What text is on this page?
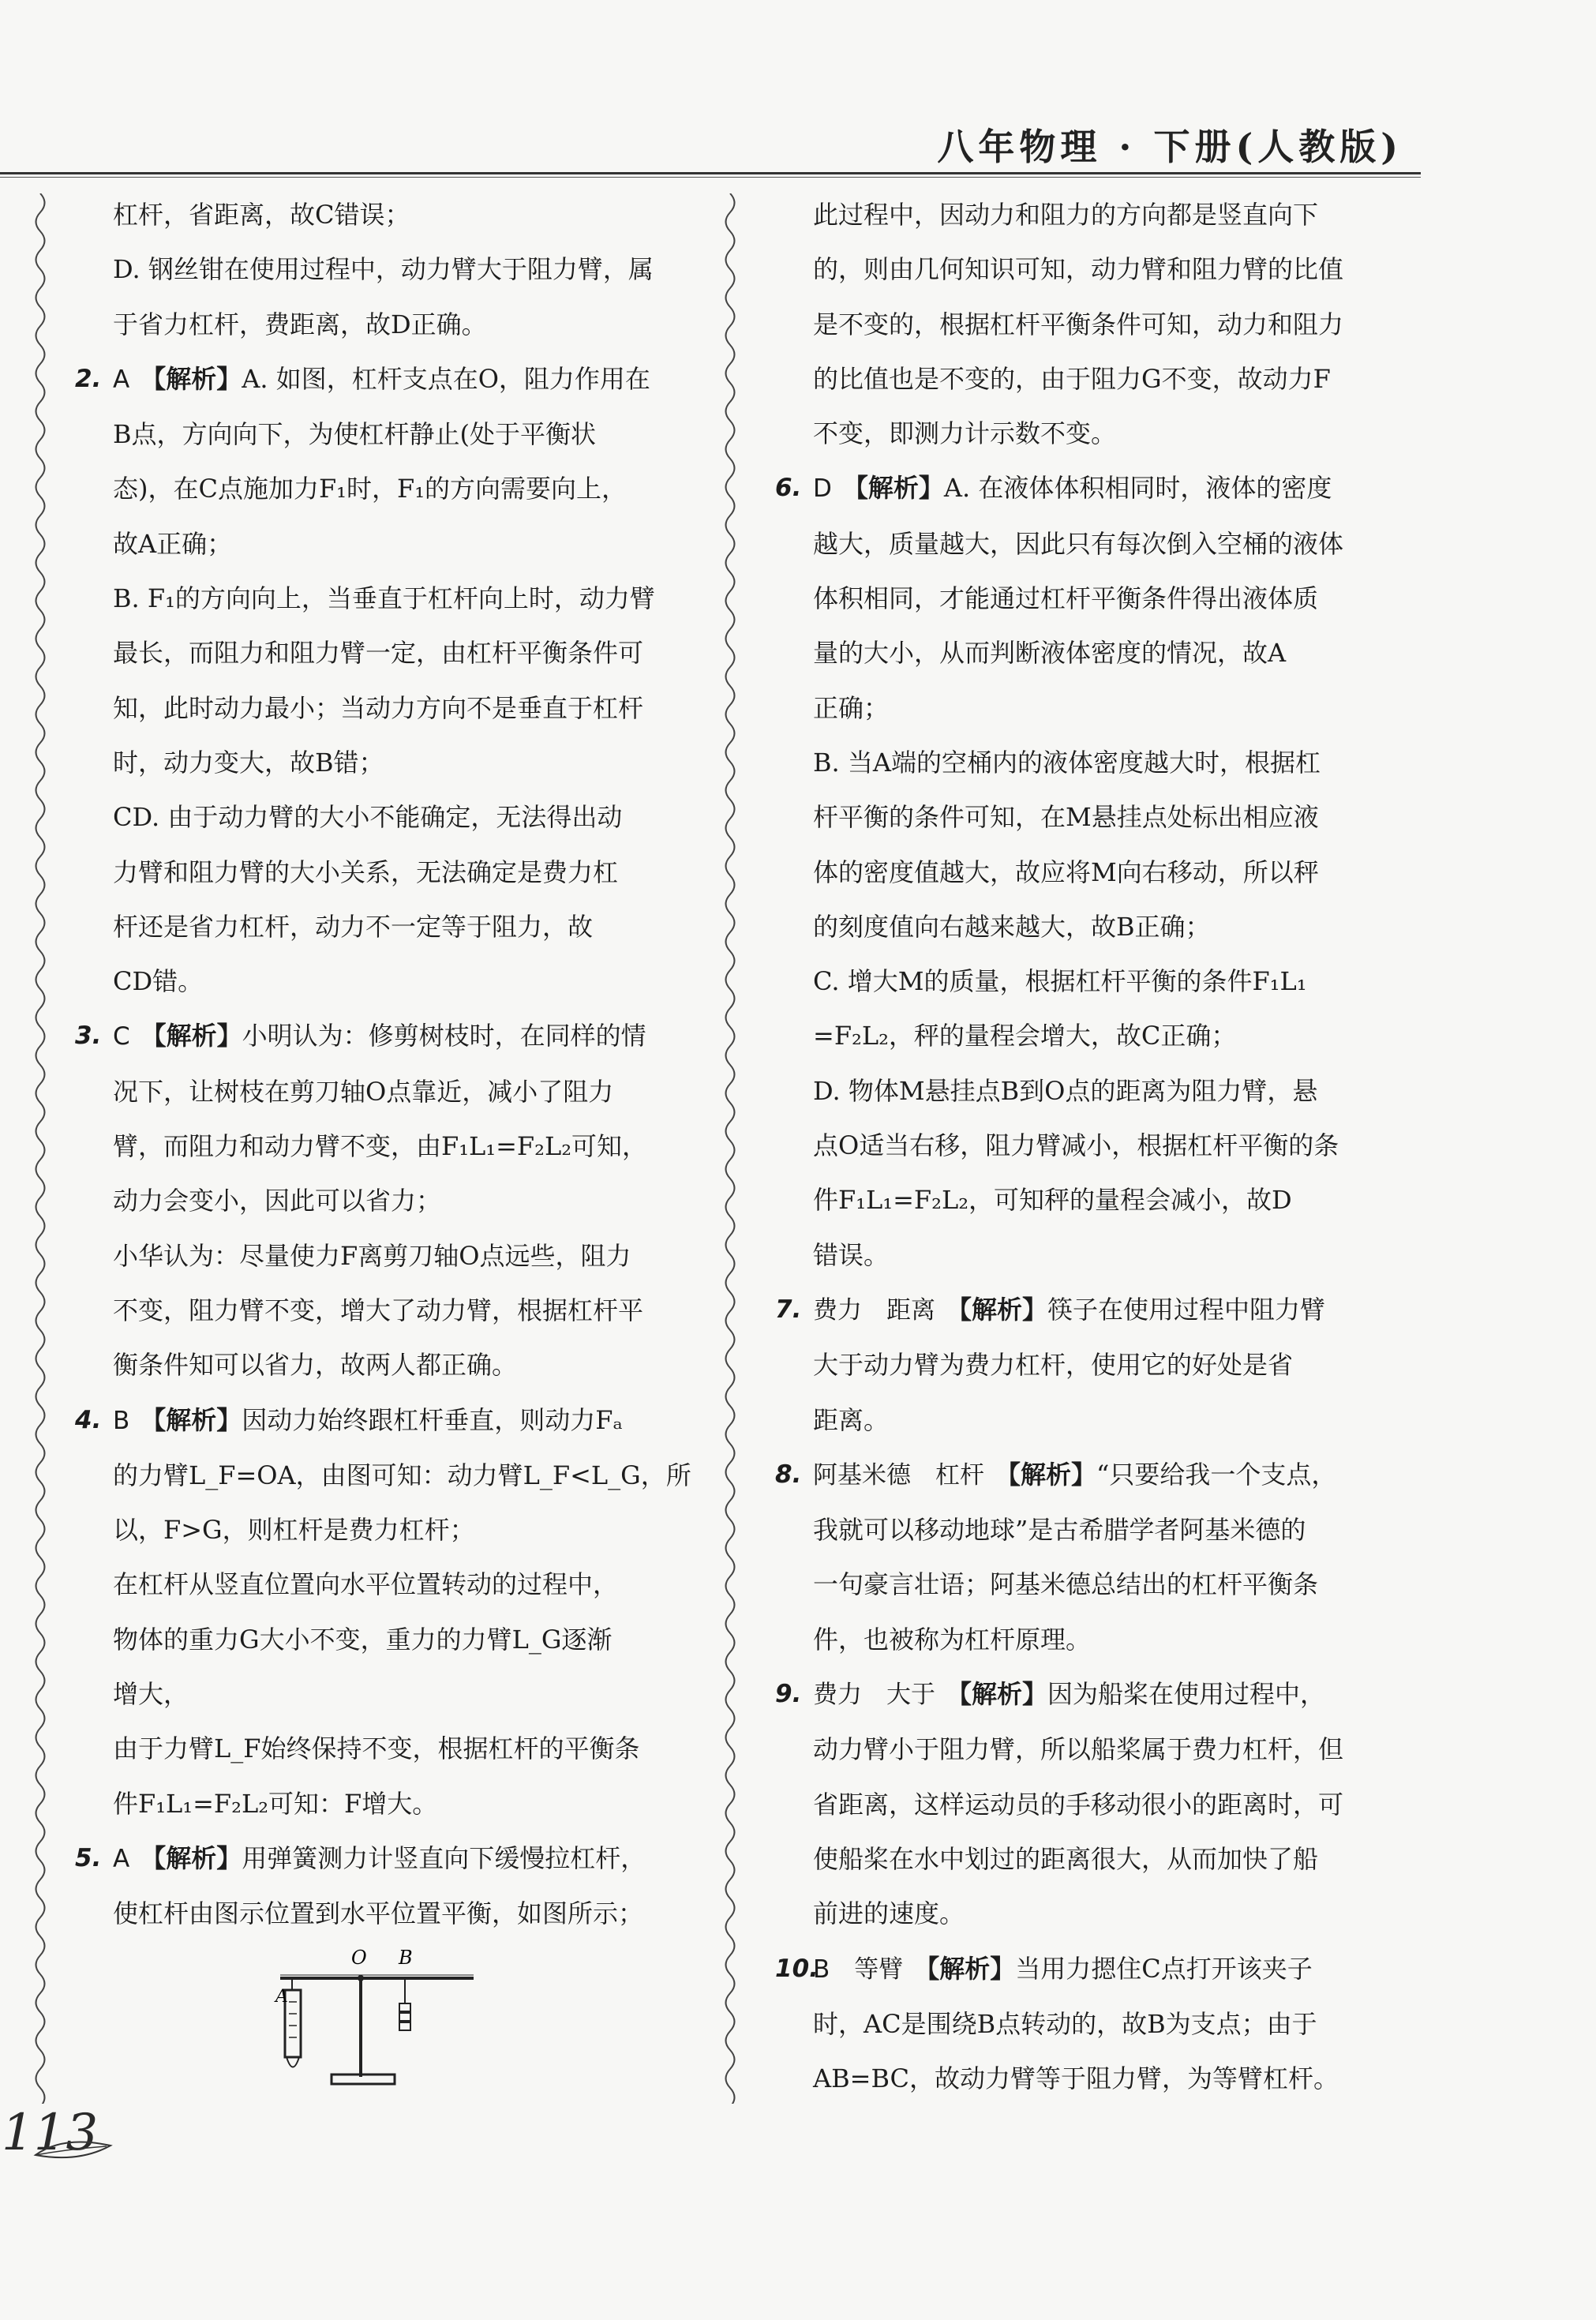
八年物理 · 下册(人教版)
杠杆，省距离，故C错误；
D. 钢丝钳在使用过程中，动力臂大于阻力臂，属
于省力杠杆，费距离，故D正确。
2. A 【解析】A. 如图，杠杆支点在O，阻力作用在
B点，方向向下，为使杠杆静止(处于平衡状
态)，在C点施加力F₁时，F₁的方向需要向上，
故A正确；
B. F₁的方向向上，当垂直于杠杆向上时，动力臂
最长，而阻力和阻力臂一定，由杠杆平衡条件可
知，此时动力最小；当动力方向不是垂直于杠杆
时，动力变大，故B错；
CD. 由于动力臂的大小不能确定，无法得出动
力臂和阻力臂的大小关系，无法确定是费力杠
杆还是省力杠杆，动力不一定等于阻力，故
CD错。
3. C 【解析】小明认为：修剪树枝时，在同样的情
况下，让树枝在剪刀轴O点靠近，减小了阻力
臂，而阻力和动力臂不变，由F₁L₁=F₂L₂可知，
动力会变小，因此可以省力；
小华认为：尽量使力F离剪刀轴O点远些，阻力
不变，阻力臂不变，增大了动力臂，根据杠杆平
衡条件知可以省力，故两人都正确。
4. B 【解析】因动力始终跟杠杆垂直，则动力Fₐ
的力臂L_F=OA，由图可知：动力臂L_F<L_G，所
以，F>G，则杠杆是费力杠杆；
在杠杆从竖直位置向水平位置转动的过程中，
物体的重力G大小不变，重力的力臂L_G逐渐
增大，
由于力臂L_F始终保持不变，根据杠杆的平衡条
件F₁L₁=F₂L₂可知：F增大。
5. A 【解析】用弹簧测力计竖直向下缓慢拉杠杆，
使杠杆由图示位置到水平位置平衡，如图所示；
O B
A
此过程中，因动力和阻力的方向都是竖直向下
的，则由几何知识可知，动力臂和阻力臂的比值
是不变的，根据杠杆平衡条件可知，动力和阻力
的比值也是不变的，由于阻力G不变，故动力F
不变，即测力计示数不变。
6. D 【解析】A. 在液体体积相同时，液体的密度
越大，质量越大，因此只有每次倒入空桶的液体
体积相同，才能通过杠杆平衡条件得出液体质
量的大小，从而判断液体密度的情况，故A
正确；
B. 当A端的空桶内的液体密度越大时，根据杠
杆平衡的条件可知，在M悬挂点处标出相应液
体的密度值越大，故应将M向右移动，所以秤
的刻度值向右越来越大，故B正确；
C. 增大M的质量，根据杠杆平衡的条件F₁L₁
=F₂L₂，秤的量程会增大，故C正确；
D. 物体M悬挂点B到O点的距离为阻力臂，悬
点O适当右移，阻力臂减小，根据杠杆平衡的条
件F₁L₁=F₂L₂，可知秤的量程会减小，故D
错误。
7. 费力　距离 【解析】筷子在使用过程中阻力臂
大于动力臂为费力杠杆，使用它的好处是省
距离。
8. 阿基米德　杠杆 【解析】“只要给我一个支点，
我就可以移动地球”是古希腊学者阿基米德的
一句豪言壮语；阿基米德总结出的杠杆平衡条
件，也被称为杠杆原理。
9. 费力　大于 【解析】因为船桨在使用过程中，
动力臂小于阻力臂，所以船桨属于费力杠杆，但
省距离，这样运动员的手移动很小的距离时，可
使船桨在水中划过的距离很大，从而加快了船
前进的速度。
10.
B　等臂 【解析】当用力摁住C点打开该夹子
时，AC是围绕B点转动的，故B为支点；由于
AB=BC，故动力臂等于阻力臂，为等臂杠杆。
113
